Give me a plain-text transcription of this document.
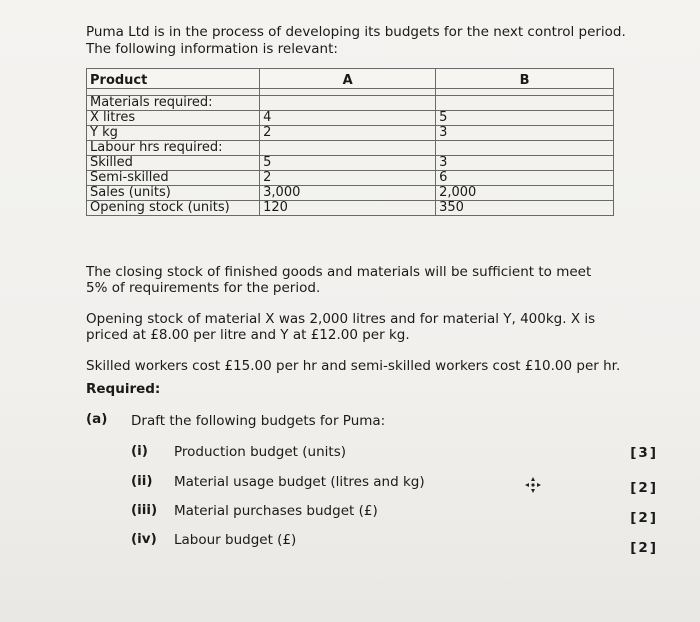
Puma Ltd is in the process of developing its budgets for the next control period. The following information is relevant:
Product	A	B

Materials required:		
X litres	4	5
Y kg	2	3
Labour hrs required:		
Skilled	5	3
Semi-skilled	2	6
Sales (units)	3,000	2,000
Opening stock (units)	120	350
The closing stock of finished goods and materials will be sufficient to meet 5% of requirements for the period.
Opening stock of material X was 2,000 litres and for material Y, 400kg. X is priced at £8.00 per litre and Y at £12.00 per kg.
Skilled workers cost £15.00 per hr and semi-skilled workers cost £10.00 per hr.
Required:
(a) Draft the following budgets for Puma:
(i) Production budget (units)	[3]
(ii) Material usage budget (litres and kg)	[2]
(iii) Material purchases budget (£)	[2]
(iv) Labour budget (£)	[2]
